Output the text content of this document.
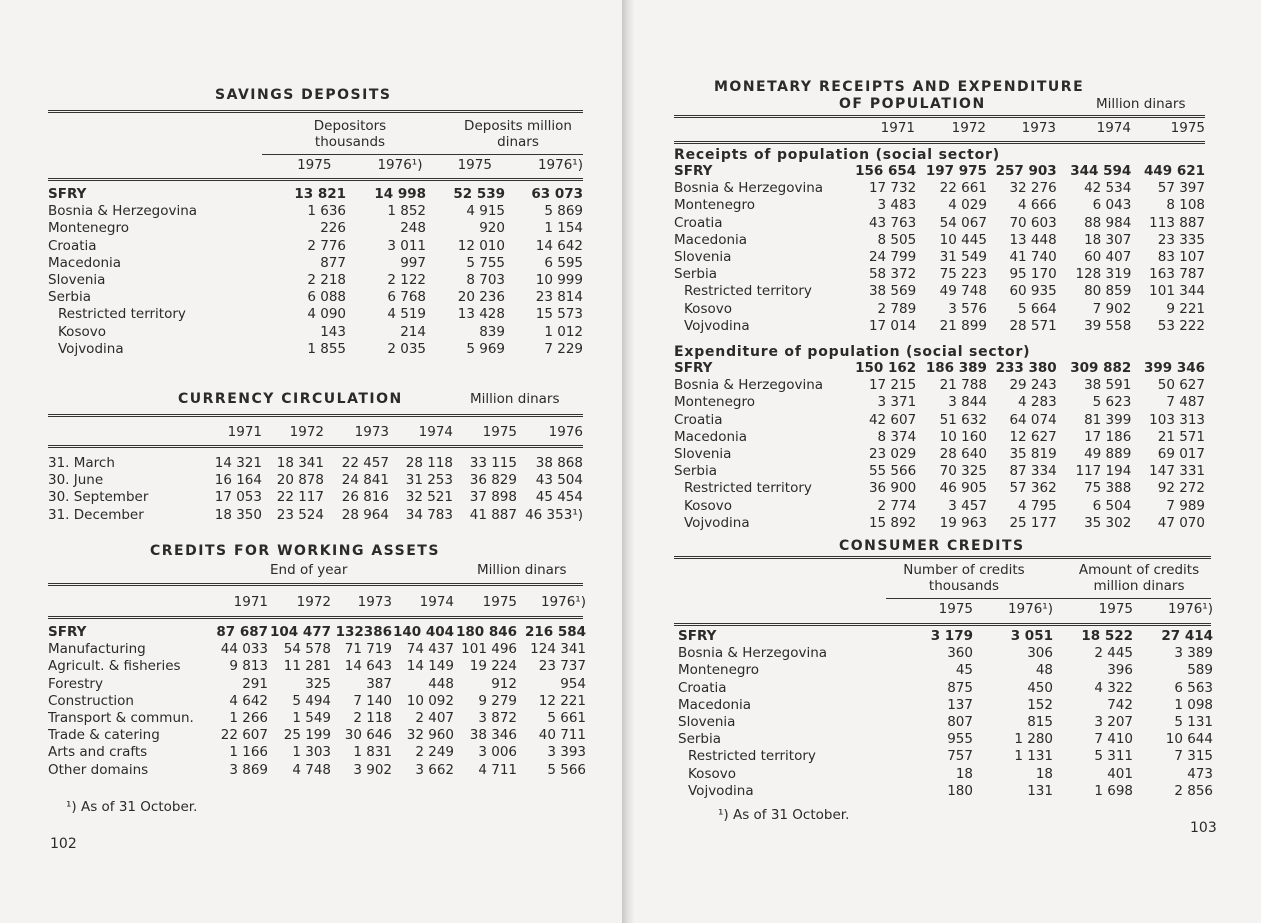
SAVINGS DEPOSITS
Depositors thousands
Deposits million dinars
1975	1976¹)	1975	1976¹)
SFRY	13 821	14 998	52 539	63 073
Bosnia & Herzegovina	1 636	1 852	4 915	5 869
Montenegro	226	248	920	1 154
Croatia	2 776	3 011	12 010	14 642
Macedonia	877	997	5 755	6 595
Slovenia	2 218	2 122	8 703	10 999
Serbia	6 088	6 768	20 236	23 814
Restricted territory	4 090	4 519	13 428	15 573
Kosovo	143	214	839	1 012
Vojvodina	1 855	2 035	5 969	7 229
CURRENCY CIRCULATION	Million dinars
1971	1972	1973	1974	1975	1976
31. March	14 321	18 341	22 457	28 118	33 115	38 868
30. June	16 164	20 878	24 841	31 253	36 829	43 504
30. September	17 053	22 117	26 816	32 521	37 898	45 454
31. December	18 350	23 524	28 964	34 783	41 887	46 353¹)
CREDITS FOR WORKING ASSETS
End of year	Million dinars
1971	1972	1973	1974	1975	1976¹)
SFRY	87 687	104 477	132386	140 404	180 846	216 584
Manufacturing	44 033	54 578	71 719	74 437	101 496	124 341
Agricult. & fisheries	9 813	11 281	14 643	14 149	19 224	23 737
Forestry	291	325	387	448	912	954
Construction	4 642	5 494	7 140	10 092	9 279	12 221
Transport & commun.	1 266	1 549	2 118	2 407	3 872	5 661
Trade & catering	22 607	25 199	30 646	32 960	38 346	40 711
Arts and crafts	1 166	1 303	1 831	2 249	3 006	3 393
Other domains	3 869	4 748	3 902	3 662	4 711	5 566
¹) As of 31 October.
102
MONETARY RECEIPTS AND EXPENDITURE
OF POPULATION	Million dinars
1971	1972	1973	1974	1975
Receipts of population (social sector)
SFRY	156 654	197 975	257 903	344 594	449 621
Bosnia & Herzegovina	17 732	22 661	32 276	42 534	57 397
Montenegro	3 483	4 029	4 666	6 043	8 108
Croatia	43 763	54 067	70 603	88 984	113 887
Macedonia	8 505	10 445	13 448	18 307	23 335
Slovenia	24 799	31 549	41 740	60 407	83 107
Serbia	58 372	75 223	95 170	128 319	163 787
Restricted territory	38 569	49 748	60 935	80 859	101 344
Kosovo	2 789	3 576	5 664	7 902	9 221
Vojvodina	17 014	21 899	28 571	39 558	53 222
Expenditure of population (social sector)
SFRY	150 162	186 389	233 380	309 882	399 346
Bosnia & Herzegovina	17 215	21 788	29 243	38 591	50 627
Montenegro	3 371	3 844	4 283	5 623	7 487
Croatia	42 607	51 632	64 074	81 399	103 313
Macedonia	8 374	10 160	12 627	17 186	21 571
Slovenia	23 029	28 640	35 819	49 889	69 017
Serbia	55 566	70 325	87 334	117 194	147 331
Restricted territory	36 900	46 905	57 362	75 388	92 272
Kosovo	2 774	3 457	4 795	6 504	7 989
Vojvodina	15 892	19 963	25 177	35 302	47 070
CONSUMER CREDITS
Number of credits thousands
Amount of credits million dinars
1975	1976¹)	1975	1976¹)
SFRY	3 179	3 051	18 522	27 414
Bosnia & Herzegovina	360	306	2 445	3 389
Montenegro	45	48	396	589
Croatia	875	450	4 322	6 563
Macedonia	137	152	742	1 098
Slovenia	807	815	3 207	5 131
Serbia	955	1 280	7 410	10 644
Restricted territory	757	1 131	5 311	7 315
Kosovo	18	18	401	473
Vojvodina	180	131	1 698	2 856
¹) As of 31 October.
103
